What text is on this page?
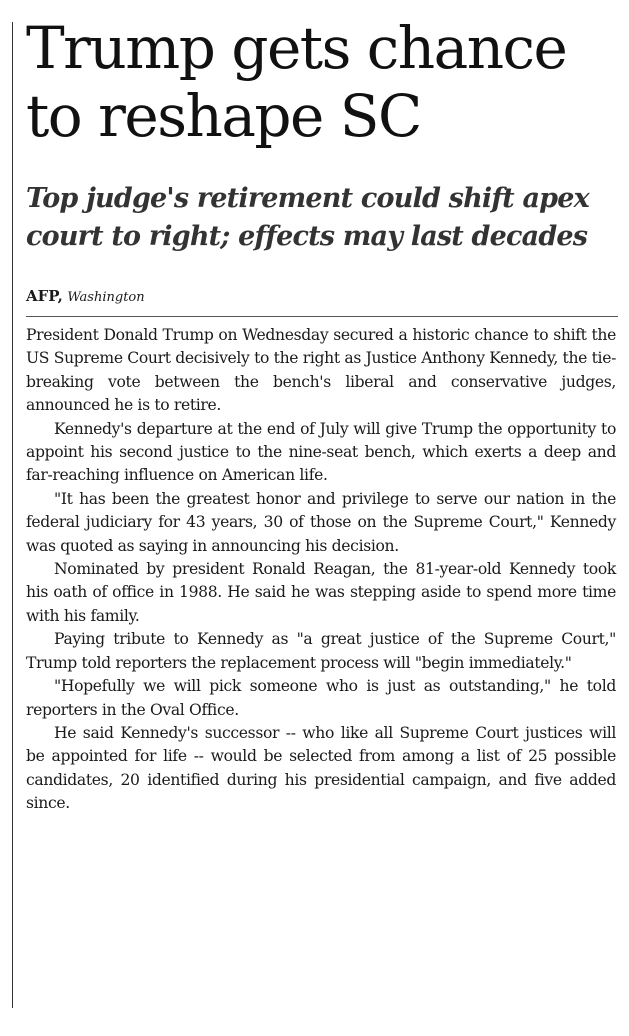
Trump gets chance to reshape SC
Top judge's retirement could shift apex court to right; effects may last decades
AFP, Washington

President Donald Trump on Wednesday secured a historic chance to shift the US Supreme Court decisively to the right as Justice Anthony Kennedy, the tie-breaking vote between the bench's liberal and conservative judges, announced he is to retire.

Kennedy's departure at the end of July will give Trump the opportunity to appoint his second justice to the nine-seat bench, which exerts a deep and far-reaching influence on American life.

"It has been the greatest honor and privilege to serve our nation in the federal judiciary for 43 years, 30 of those on the Supreme Court," Kennedy was quoted as saying in announcing his decision.

Nominated by president Ronald Reagan, the 81-year-old Kennedy took his oath of office in 1988. He said he was stepping aside to spend more time with his family.

Paying tribute to Kennedy as "a great justice of the Supreme Court," Trump told reporters the replacement process will "begin immediately."

"Hopefully we will pick someone who is just as outstanding," he told reporters in the Oval Office.

He said Kennedy's successor -- who like all Supreme Court justices will be appointed for life -- would be selected from among a list of 25 possible candidates, 20 identified during his presidential campaign, and five added since.
